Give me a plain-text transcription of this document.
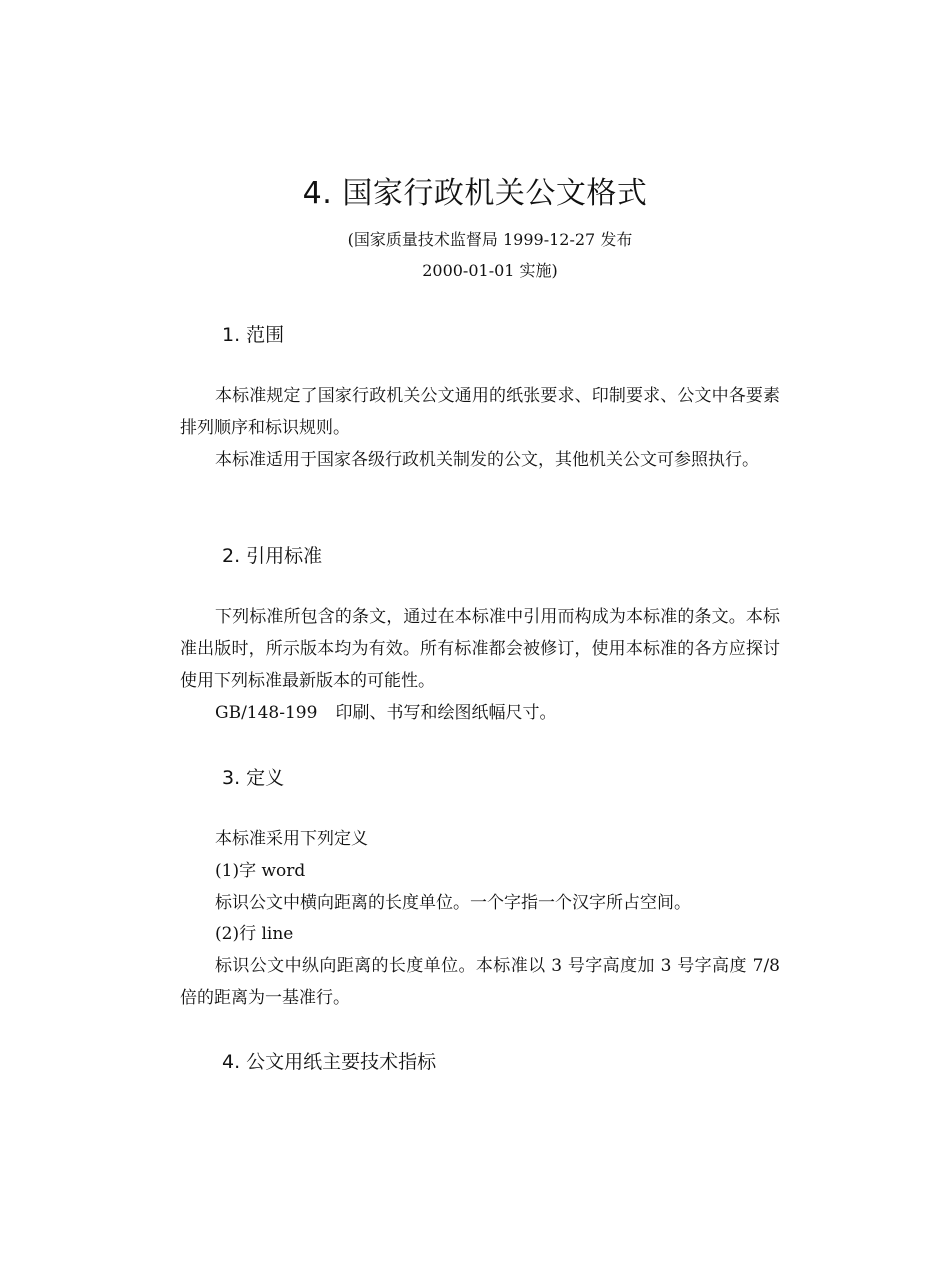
4. 国家行政机关公文格式

(国家质量技术监督局 1999-12-27 发布

2000-01-01 实施)

1. 范围

本标准规定了国家行政机关公文通用的纸张要求、印制要求、公文中各要素排列顺序和标识规则。

本标准适用于国家各级行政机关制发的公文，其他机关公文可参照执行。

2. 引用标准

下列标准所包含的条文，通过在本标准中引用而构成为本标准的条文。本标准出版时，所示版本均为有效。所有标准都会被修订，使用本标准的各方应探讨使用下列标准最新版本的可能性。

GB/148-199 印刷、书写和绘图纸幅尺寸。

3. 定义

本标准采用下列定义

(1)字 word

标识公文中横向距离的长度单位。一个字指一个汉字所占空间。

(2)行 line

标识公文中纵向距离的长度单位。本标准以 3 号字高度加 3 号字高度 7/8 倍的距离为一基准行。

4. 公文用纸主要技术指标
